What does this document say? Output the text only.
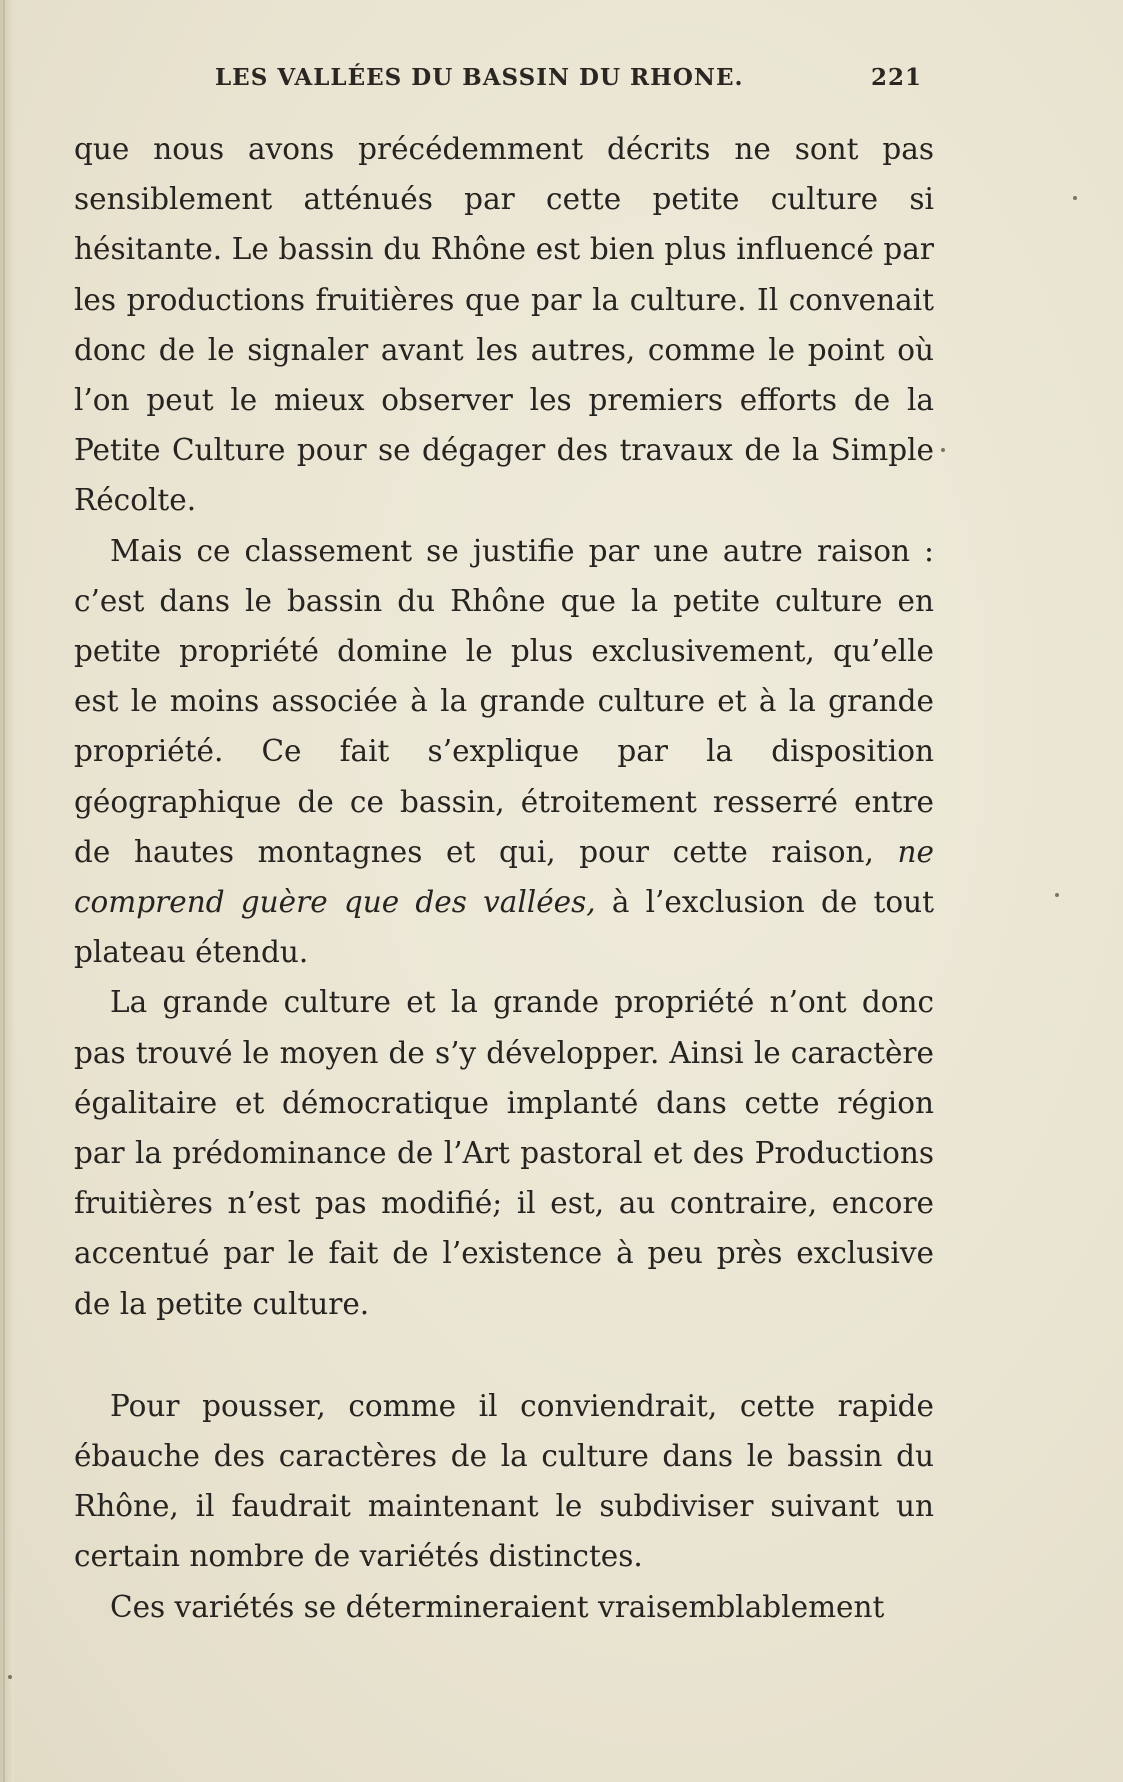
LES VALLÉES DU BASSIN DU RHONE.	221

que nous avons précédemment décrits ne sont pas sensiblement atténués par cette petite culture si hésitante. Le bassin du Rhône est bien plus influencé par les productions fruitières que par la culture. Il convenait donc de le signaler avant les autres, comme le point où l’on peut le mieux observer les premiers efforts de la Petite Culture pour se dégager des travaux de la Simple Récolte.

Mais ce classement se justifie par une autre raison : c’est dans le bassin du Rhône que la petite culture en petite propriété domine le plus exclusivement, qu’elle est le moins associée à la grande culture et à la grande propriété. Ce fait s’explique par la disposition géographique de ce bassin, étroitement resserré entre de hautes montagnes et qui, pour cette raison, ne comprend guère que des vallées, à l’exclusion de tout plateau étendu.

La grande culture et la grande propriété n’ont donc pas trouvé le moyen de s’y développer. Ainsi le caractère égalitaire et démocratique implanté dans cette région par la prédominance de l’Art pastoral et des Productions fruitières n’est pas modifié; il est, au contraire, encore accentué par le fait de l’existence à peu près exclusive de la petite culture.

Pour pousser, comme il conviendrait, cette rapide ébauche des caractères de la culture dans le bassin du Rhône, il faudrait maintenant le subdiviser suivant un certain nombre de variétés distinctes.

Ces variétés se détermineraient vraisemblablement
